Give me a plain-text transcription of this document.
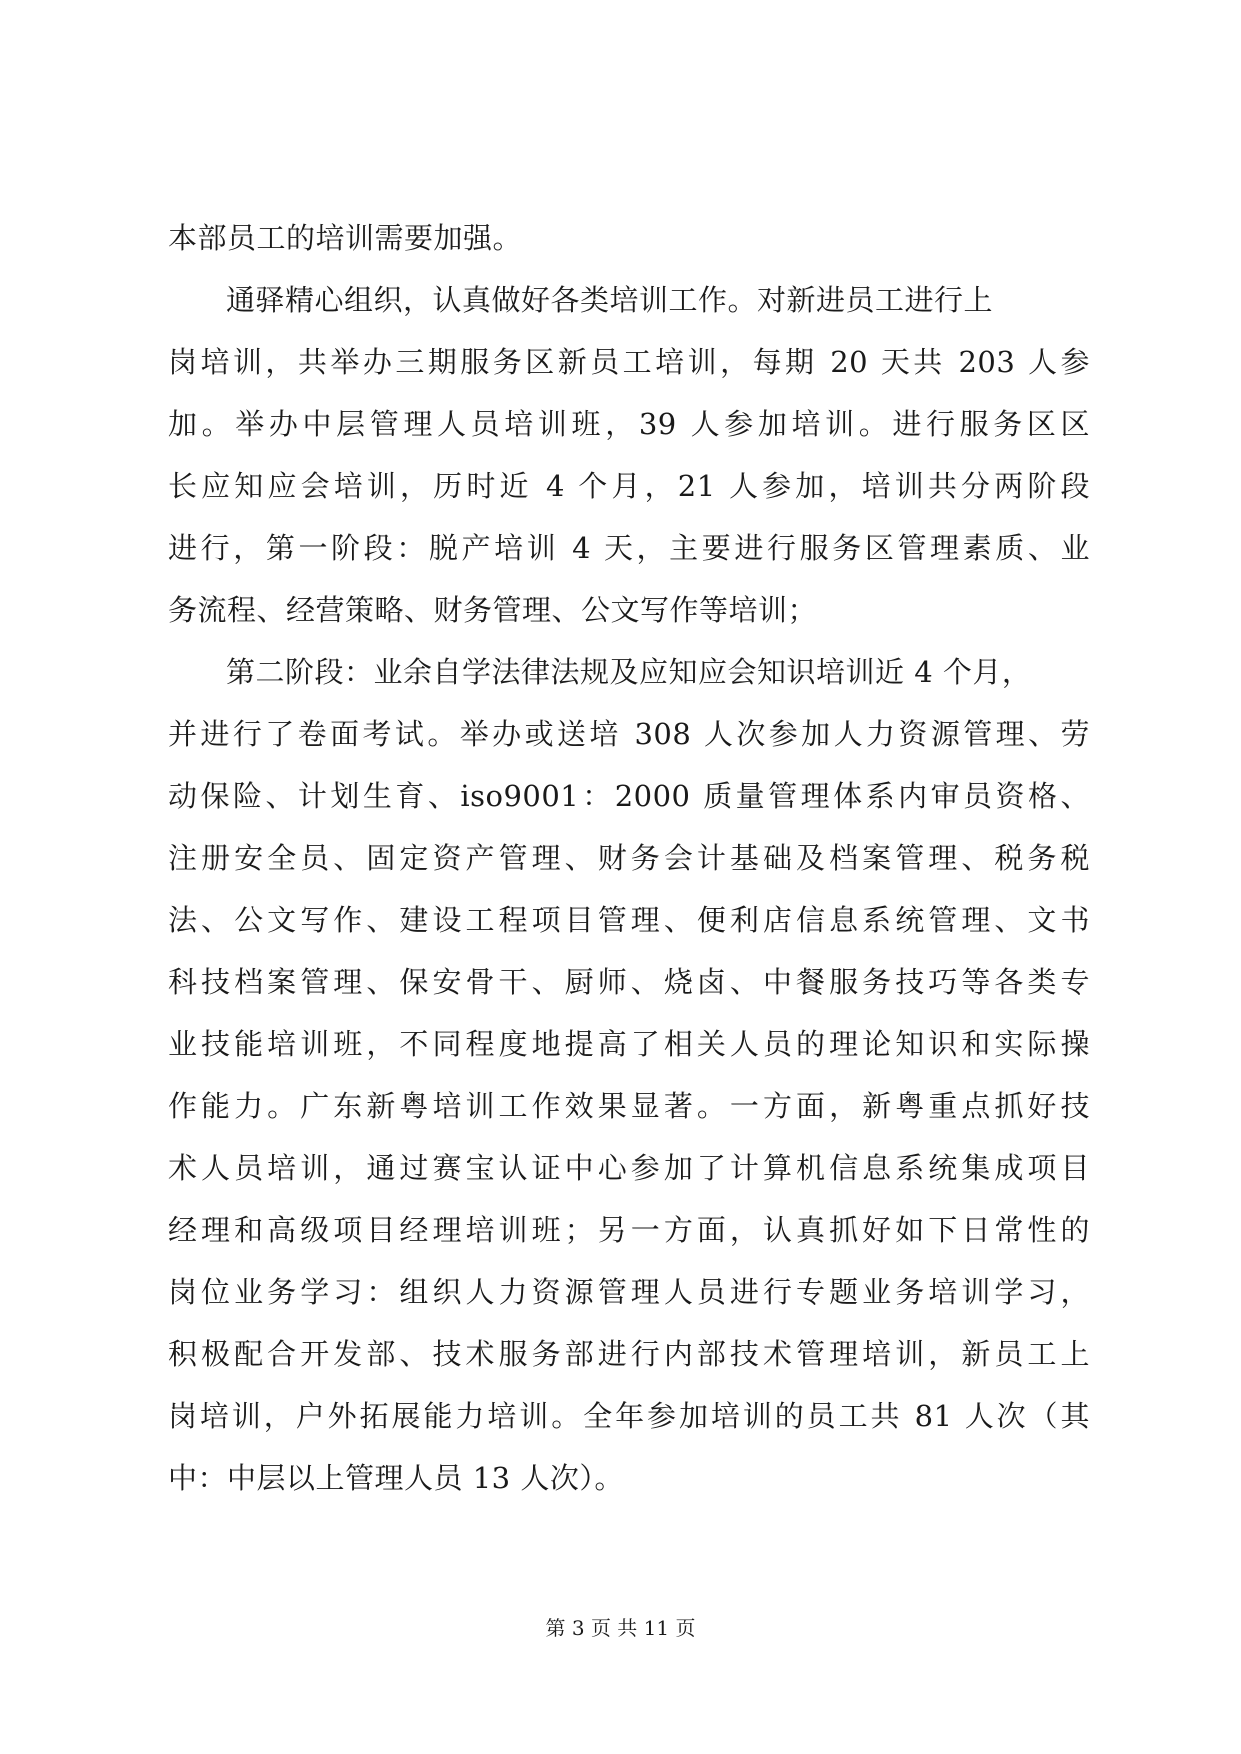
本部员工的培训需要加强。
通驿精心组织，认真做好各类培训工作。对新进员工进行上
岗培训，共举办三期服务区新员工培训，每期 20 天共 203 人参
加。举办中层管理人员培训班，39 人参加培训。进行服务区区
长应知应会培训，历时近 4 个月，21 人参加，培训共分两阶段
进行，第一阶段：脱产培训 4 天，主要进行服务区管理素质、业
务流程、经营策略、财务管理、公文写作等培训；
第二阶段：业余自学法律法规及应知应会知识培训近 4 个月，
并进行了卷面考试。举办或送培 308 人次参加人力资源管理、劳
动保险、计划生育、iso9001：2000 质量管理体系内审员资格、
注册安全员、固定资产管理、财务会计基础及档案管理、税务税
法、公文写作、建设工程项目管理、便利店信息系统管理、文书
科技档案管理、保安骨干、厨师、烧卤、中餐服务技巧等各类专
业技能培训班，不同程度地提高了相关人员的理论知识和实际操
作能力。广东新粤培训工作效果显著。一方面，新粤重点抓好技
术人员培训，通过赛宝认证中心参加了计算机信息系统集成项目
经理和高级项目经理培训班；另一方面，认真抓好如下日常性的
岗位业务学习：组织人力资源管理人员进行专题业务培训学习，
积极配合开发部、技术服务部进行内部技术管理培训，新员工上
岗培训，户外拓展能力培训。全年参加培训的员工共 81 人次（其
中：中层以上管理人员 13 人次）。
第 3 页 共 11 页
